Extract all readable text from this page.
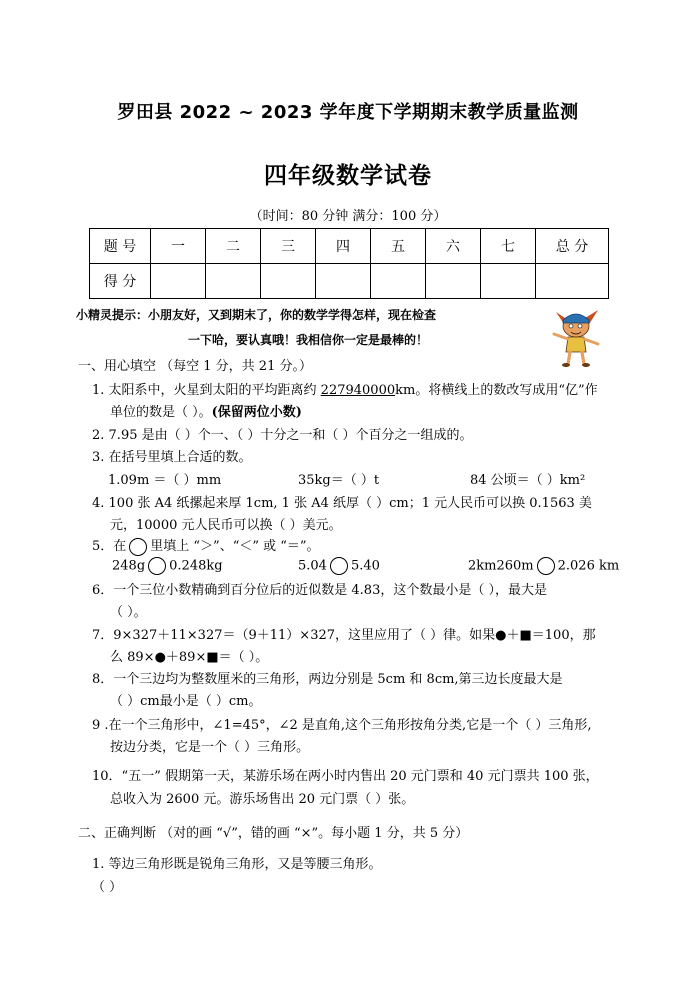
罗田县 2022 ~ 2023 学年度下学期期末教学质量监测
四年级数学试卷
（时间：80 分钟 满分：100 分）
题 号	一	二	三	四	五	六	七	总 分
得 分								
小精灵提示：小朋友好，又到期末了，你的数学学得怎样，现在检查
一下哈，要认真哦！我相信你一定是最棒的！
一、用心填空 （每空 1 分，共 21 分。）
1. 太阳系中，火星到太阳的平均距离约 227940000km。将横线上的数改写成用“亿”作
单位的数是（ ）。(保留两位小数)
2. 7.95 是由（ ）个一、（ ）十分之一和（ ）个百分之一组成的。
3. 在括号里填上合适的数。
1.09m ＝（ ）mm	35kg＝（ ）t	84 公顷＝（ ）km²
4. 100 张 A4 纸摞起来厚 1cm, 1 张 A4 纸厚（ ）cm；1 元人民币可以换 0.1563 美
元，10000 元人民币可以换（ ）美元。
5．在 里填上 “＞”、“＜” 或 “＝”。
248g 0.248kg	5.04 5.40	2km260m 2.026 km
6．一个三位小数精确到百分位后的近似数是 4.83，这个数最小是（ ），最大是
（ ）。
7．9×327＋11×327＝（9＋11）×327，这里应用了（ ）律。如果●＋■＝100，那
么 89×●＋89×■＝（ ）。
8．一个三边均为整数厘米的三角形，两边分别是 5cm 和 8cm,第三边长度最大是
（ ）cm最小是（ ）cm。
9 .在一个三角形中，∠1=45°，∠2 是直角,这个三角形按角分类,它是一个（ ）三角形,
按边分类，它是一个（ ）三角形。
10．“五一” 假期第一天，某游乐场在两小时内售出 20 元门票和 40 元门票共 100 张，
总收入为 2600 元。游乐场售出 20 元门票（ ）张。
二、正确判断 （对的画 “√”，错的画 “×”。每小题 1 分，共 5 分）
1. 等边三角形既是锐角三角形，又是等腰三角形。
（ ）
